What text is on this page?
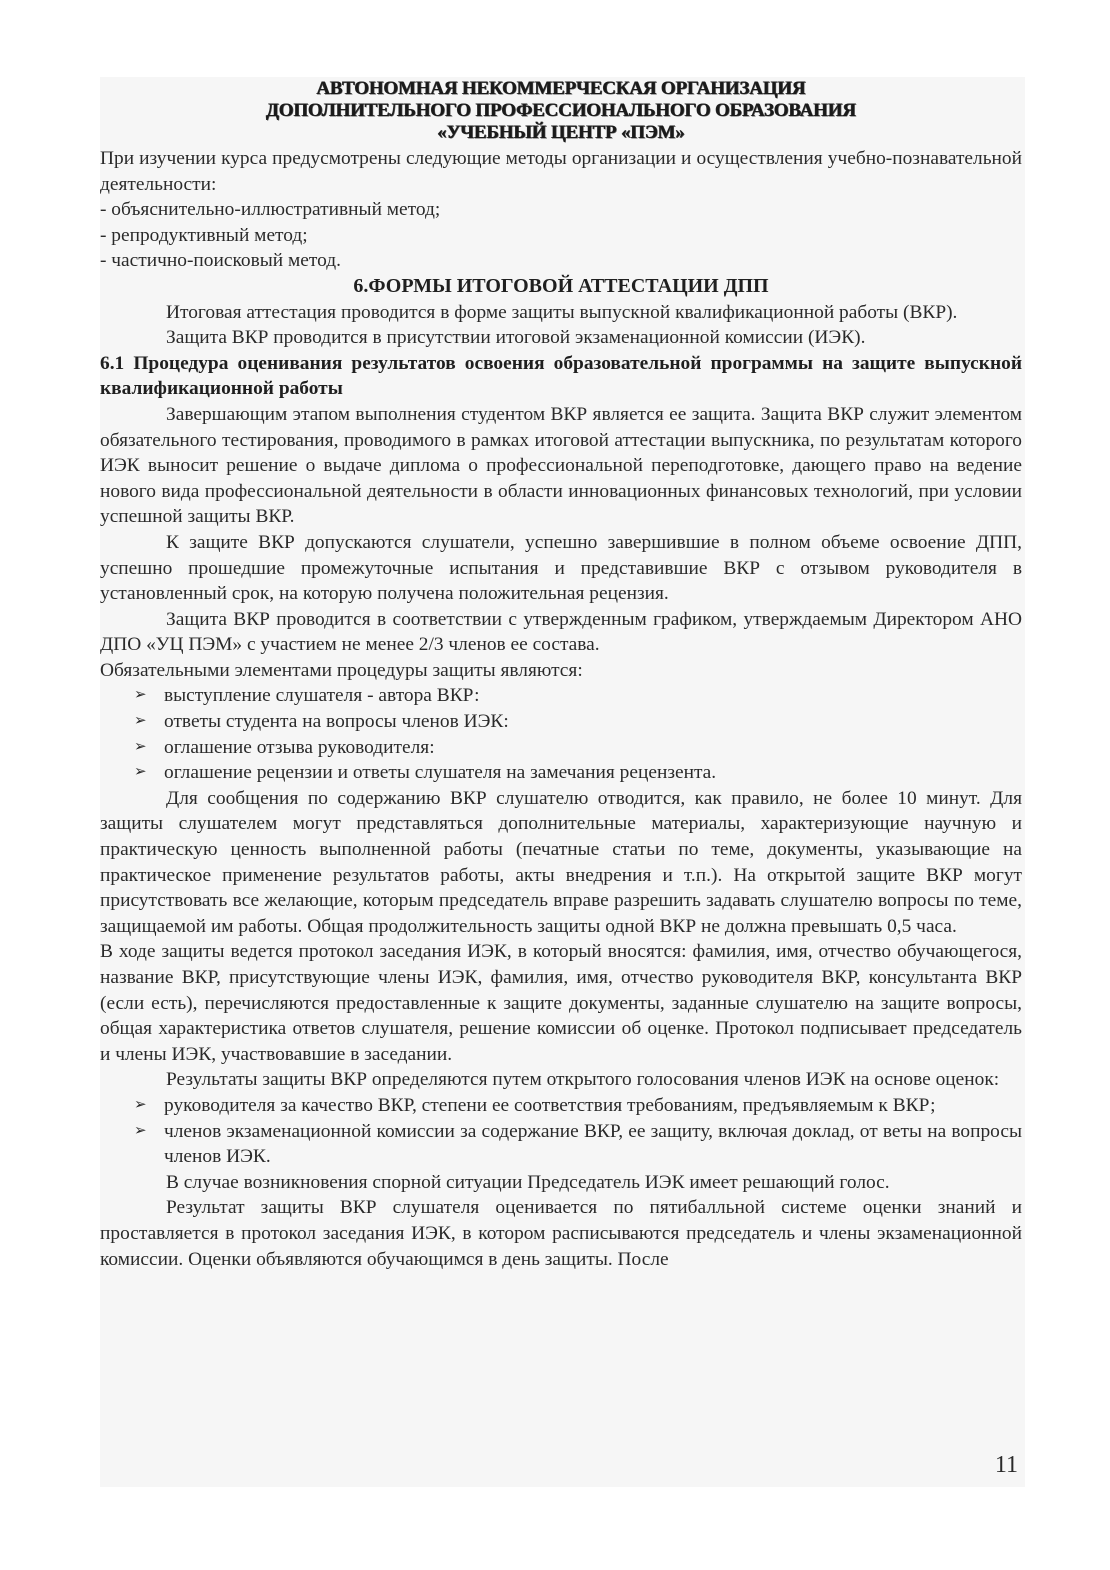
АВТОНОМНАЯ НЕКОММЕРЧЕСКАЯ ОРГАНИЗАЦИЯ
ДОПОЛНИТЕЛЬНОГО ПРОФЕССИОНАЛЬНОГО ОБРАЗОВАНИЯ
«УЧЕБНЫЙ ЦЕНТР «ПЭМ»

При изучении курса предусмотрены следующие методы организации и осуществления учебно-познавательной деятельности:

- объяснительно-иллюстративный метод;

- репродуктивный метод;

- частично-поисковый метод.

6.ФОРМЫ ИТОГОВОЙ АТТЕСТАЦИИ ДПП

Итоговая аттестация проводится в форме защиты выпускной квалификационной работы (ВКР).

Защита ВКР проводится в присутствии итоговой экзаменационной комиссии (ИЭК).

6.1 Процедура оценивания результатов освоения образовательной программы на защите выпускной квалификационной работы

Завершающим этапом выполнения студентом ВКР является ее защита. Защита ВКР служит элементом обязательного тестирования, проводимого в рамках итоговой аттестации выпускника, по результатам которого ИЭК выносит решение о выдаче диплома о профессиональной переподготовке, дающего право на ведение нового вида профессиональной деятельности в области инновационных финансовых технологий, при условии успешной защиты ВКР.

К защите ВКР допускаются слушатели, успешно завершившие в полном объеме освоение ДПП, успешно прошедшие промежуточные испытания и представившие ВКР с отзывом руководителя в установленный срок, на которую получена положительная рецензия.

Защита ВКР проводится в соответствии с утвержденным графиком, утверждаемым Директором АНО ДПО «УЦ ПЭМ» с участием не менее 2/3 членов ее состава.

Обязательными элементами процедуры защиты являются:

➢ выступление слушателя - автора ВКР:
➢ ответы студента на вопросы членов ИЭК:
➢ оглашение отзыва руководителя:
➢ оглашение рецензии и ответы слушателя на замечания рецензента.

Для сообщения по содержанию ВКР слушателю отводится, как правило, не более 10 минут. Для защиты слушателем могут представляться дополнительные материалы, характеризующие научную и практическую ценность выполненной работы (печатные статьи по теме, документы, указывающие на практическое применение результатов работы, акты внедрения и т.п.). На открытой защите ВКР могут присутствовать все желающие, которым председатель вправе разрешить задавать слушателю вопросы по теме, защищаемой им работы. Общая продолжительность защиты одной ВКР не должна превышать 0,5 часа.

В ходе защиты ведется протокол заседания ИЭК, в который вносятся: фамилия, имя, отчество обучающегося, название ВКР, присутствующие члены ИЭК, фамилия, имя, отчество руководителя ВКР, консультанта ВКР (если есть), перечисляются предоставленные к защите документы, заданные слушателю на защите вопросы, общая характеристика ответов слушателя, решение комиссии об оценке. Протокол подписывает председатель и члены ИЭК, участвовавшие в заседании.

Результаты защиты ВКР определяются путем открытого голосования членов ИЭК на основе оценок:

➢ руководителя за качество ВКР, степени ее соответствия требованиям, предъявляемым к ВКР;
➢ членов экзаменационной комиссии за содержание ВКР, ее защиту, включая доклад, от веты на вопросы членов ИЭК.

В случае возникновения спорной ситуации Председатель ИЭК имеет решающий голос.

Результат защиты ВКР слушателя оценивается по пятибалльной системе оценки знаний и проставляется в протокол заседания ИЭК, в котором расписываются председатель и члены экзаменационной комиссии. Оценки объявляются обучающимся в день защиты. После

11
